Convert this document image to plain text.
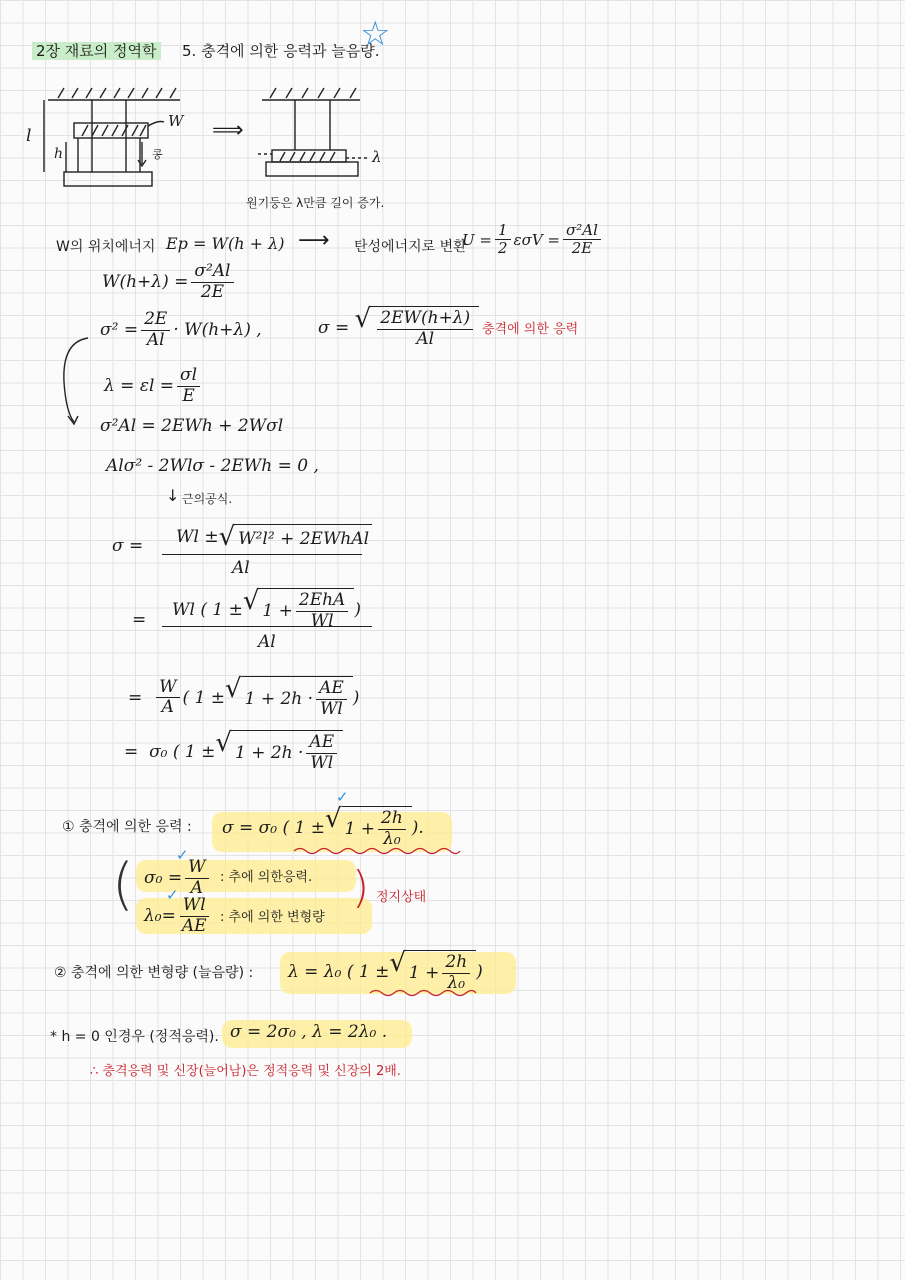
2장 재료의 정역학 5. 충격에 의한 응력과 늘음량.
☆
l
h
W
콩
⟹
λ
원기둥은 λ만큼 길이 증가.
W의 위치에너지 Ep = W(h + λ) ⟶ 탄성에너지로 변환
$U = \frac{1}{2}$ $\varepsilon\sigma V = \frac{\text{σ²Al}}{2E}$
$W(h+\lambda) = \frac{\text{σ²Al}}{2E}$
$\sigma^2 = \frac{2E}{Al} \cdot W(h+\lambda)$ ,	σ =
√ $\frac{2EW(h+\lambda)}{Al}$ 충격에 의한 응력
$\lambda = \varepsilon l = \frac{\sigma l}{E}$
σ²Al = 2EWh + 2Wσl
Alσ² - 2Wlσ - 2EWh = 0 ,
↓ 근의공식.
σ = Wl ± √ W²l² + 2EWhAl
Al
=
Wl ( 1 ± √ $1 + \frac{\text{2EhA}}{Wl}$ )
Al
=
$\frac{W}{A}$ ( 1 ± √ $1 + 2h \cdot \frac{AE}{Wl}$ )
=
σ₀ ( 1 ± √ $1 + 2h \cdot \frac{AE}{Wl}$
① 충격에 의한 응력 : σ = σ₀ ( 1 ± √ $1 + \frac{2h}{\text{λ₀}}$ ).
✓
( $\sigma_0 = \frac{W}{A}$ : 추에 의한응력.
$\lambda_0= \frac{Wl}{AE}$ : 추에 의한 변형량
✓
✓	) 정지상태
② 충격에 의한 변형량 (늘음량) : λ = λ₀ ( 1 ± √ $1 + \frac{2h}{\text{λ₀}}$ )
* h = 0 인경우 (정적응력). σ = 2σ₀ , λ = 2λ₀ .
∴ 충격응력 및 신장(늘어남)은 정적응력 및 신장의 2배.
